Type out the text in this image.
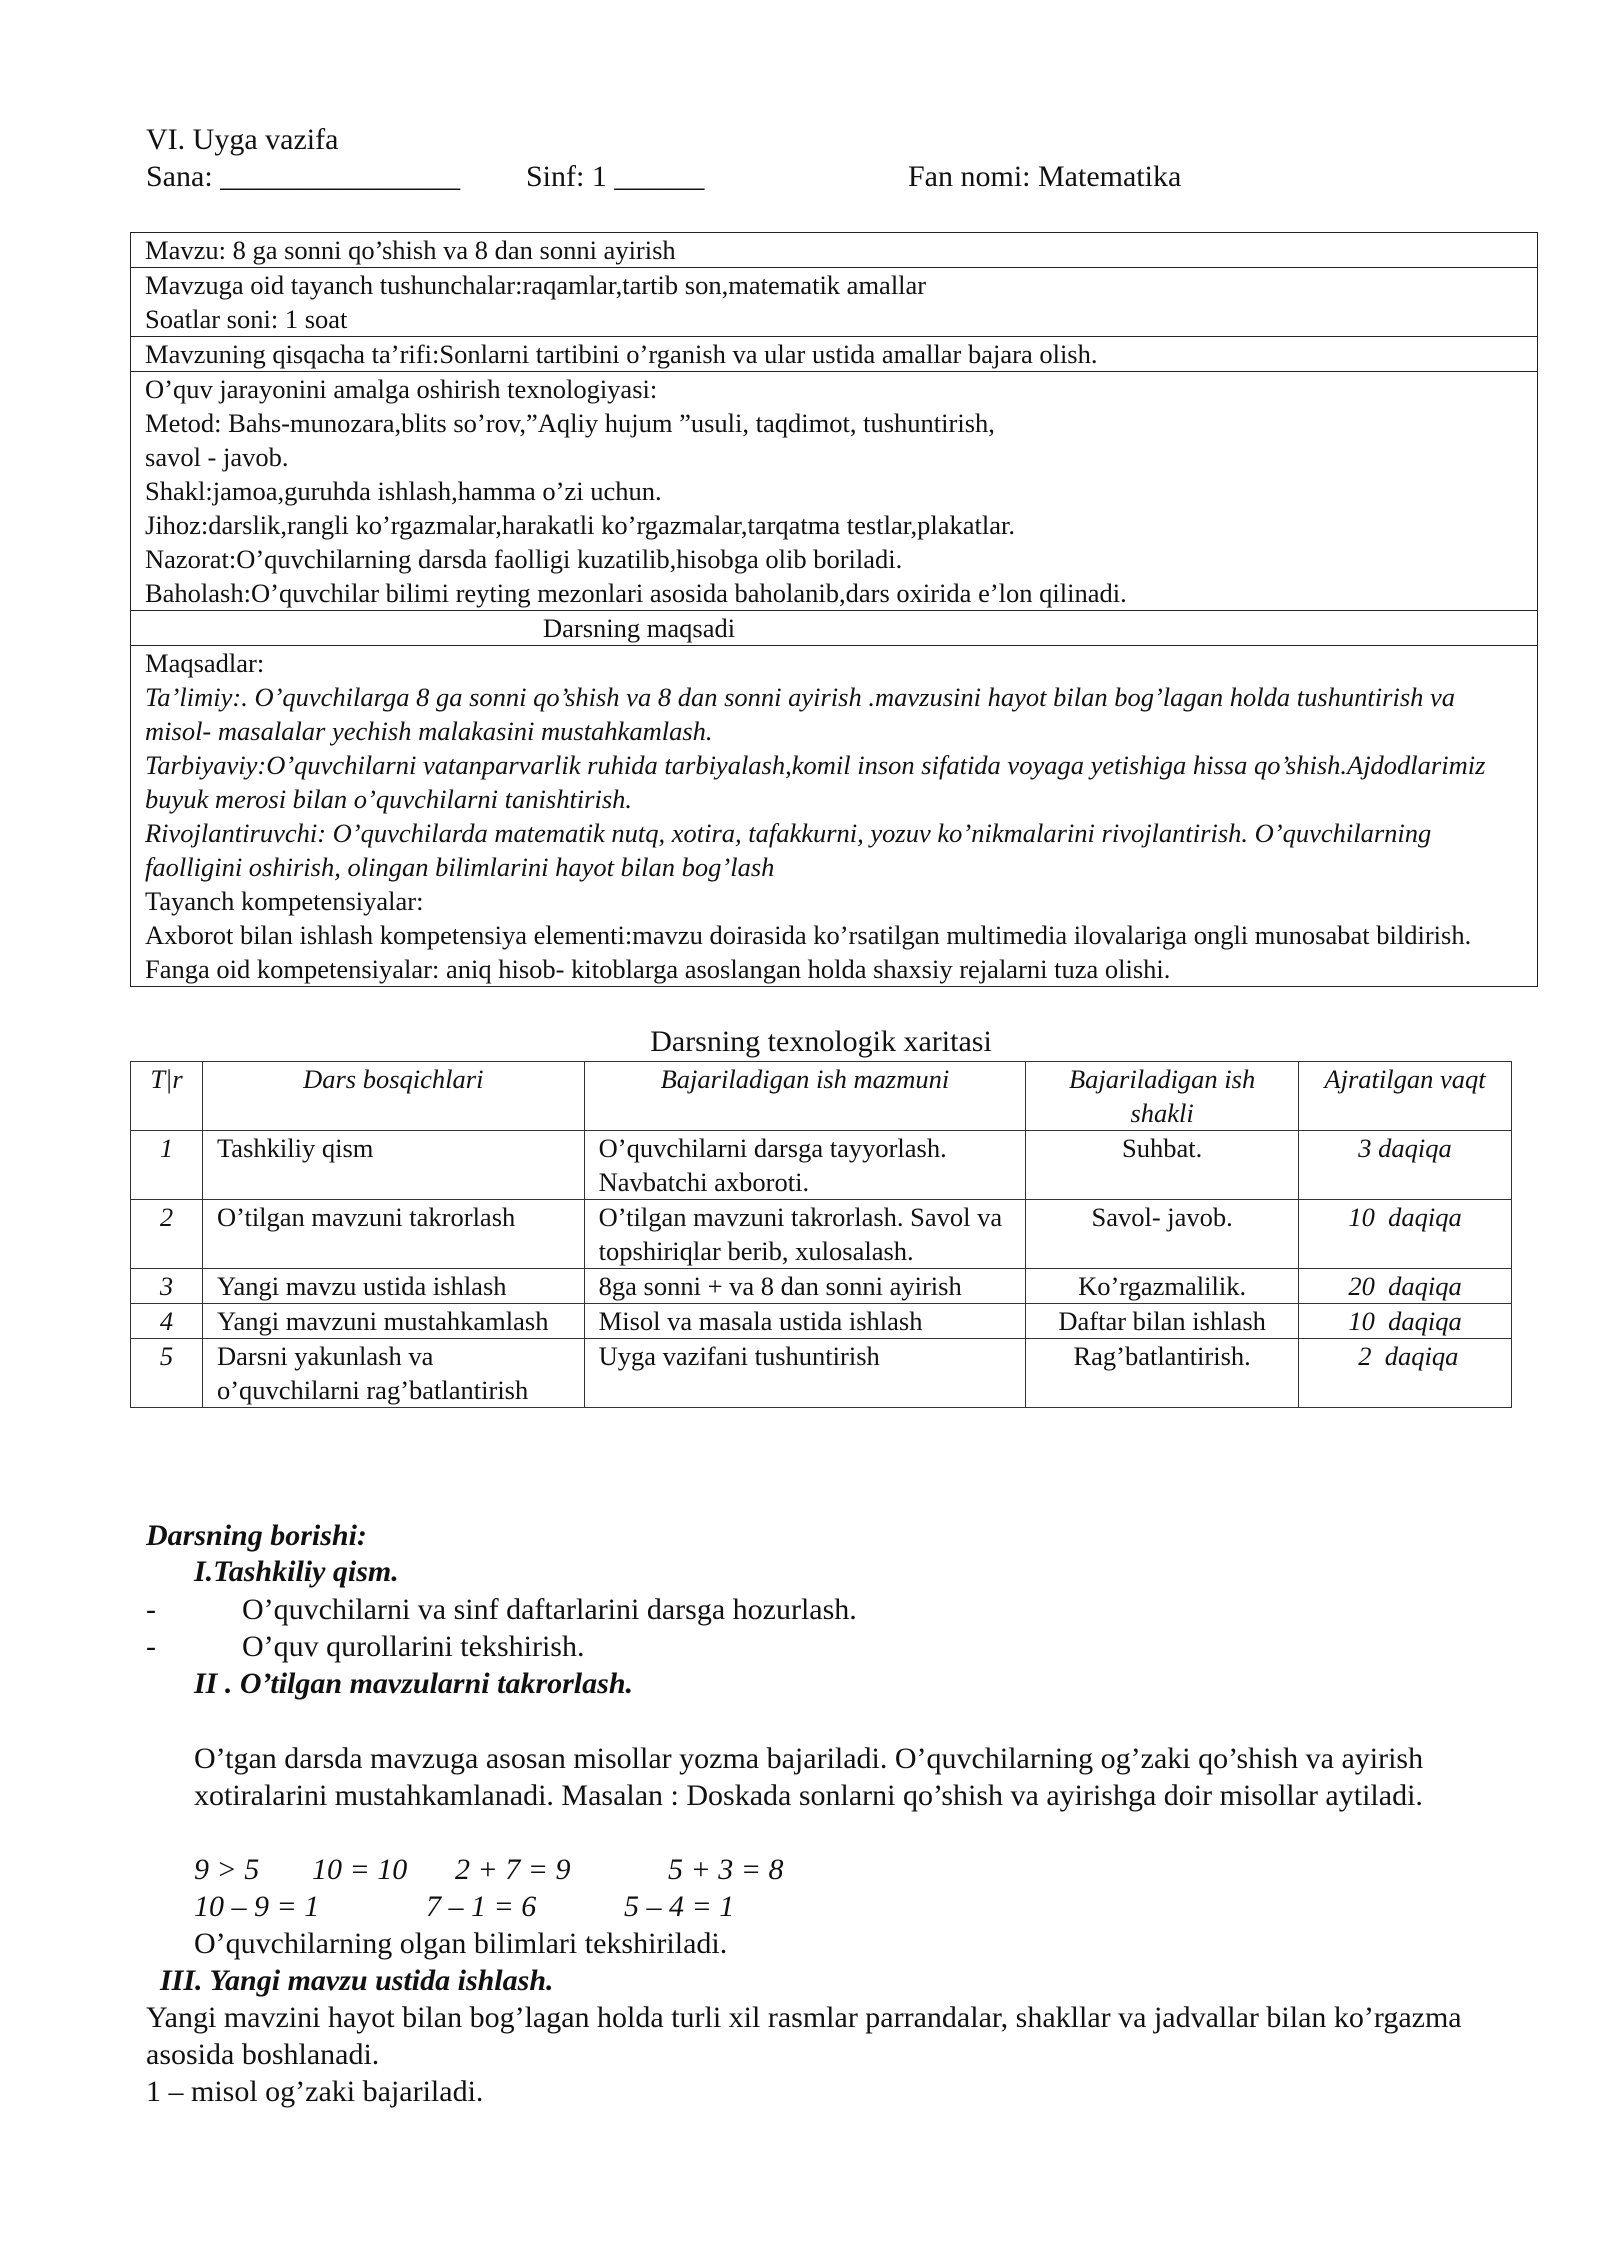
VI. Uyga vazifa
Sana: ________________ Sinf: 1 ______	Fan nomi: Matematika
Mavzu: 8 ga sonni qo’shish va 8 dan sonni ayirish
Mavzuga oid tayanch tushunchalar:raqamlar,tartib son,matematik amallar
Soatlar soni: 1 soat
Mavzuning qisqacha ta’rifi:Sonlarni tartibini o’rganish va ular ustida amallar bajara olish.
O’quv jarayonini amalga oshirish texnologiyasi:
Metod: Bahs-munozara,blits so’rov,”Aqliy hujum ”usuli, taqdimot, tushuntirish,
savol - javob.
Shakl:jamoa,guruhda ishlash,hamma o’zi uchun.
Jihoz:darslik,rangli ko’rgazmalar,harakatli ko’rgazmalar,tarqatma testlar,plakatlar.
Nazorat:O’quvchilarning darsda faolligi kuzatilib,hisobga olib boriladi.
Baholash:O’quvchilar bilimi reyting mezonlari asosida baholanib,dars oxirida e’lon qilinadi.
Darsning maqsadi
Maqsadlar:
Ta’limiy:. O’quvchilarga 8 ga sonni qo’shish va 8 dan sonni ayirish .mavzusini hayot bilan bog’lagan holda tushuntirish va misol- masalalar yechish malakasini mustahkamlash.
Tarbiyaviy:O’quvchilarni vatanparvarlik ruhida tarbiyalash,komil inson sifatida voyaga yetishiga hissa qo’shish.Ajdodlarimiz buyuk merosi bilan o’quvchilarni tanishtirish.
Rivojlantiruvchi: O’quvchilarda matematik nutq, xotira, tafakkurni, yozuv ko’nikmalarini rivojlantirish. O’quvchilarning faolligini oshirish, olingan bilimlarini hayot bilan bog’lash
Tayanch kompetensiyalar:
Axborot bilan ishlash kompetensiya elementi:mavzu doirasida ko’rsatilgan multimedia ilovalariga ongli munosabat bildirish.
Fanga oid kompetensiyalar: aniq hisob- kitoblarga asoslangan holda shaxsiy rejalarni tuza olishi.
Darsning texnologik xaritasi
T|r	Dars bosqichlari	Bajariladigan ish mazmuni	Bajariladigan ish shakli	Ajratilgan vaqt
1	Tashkiliy qism	O’quvchilarni darsga tayyorlash. Navbatchi axboroti.	Suhbat.	3 daqiqa
2	O’tilgan mavzuni takrorlash	O’tilgan mavzuni takrorlash. Savol va topshiriqlar berib, xulosalash.	Savol- javob.	10  daqiqa
3	Yangi mavzu ustida ishlash	8ga sonni + va 8 dan sonni ayirish	Ko’rgazmalilik.	20  daqiqa
4	Yangi mavzuni mustahkamlash	Misol va masala ustida ishlash	Daftar bilan ishlash	10  daqiqa
5	Darsni yakunlash va o’quvchilarni rag’batlantirish	Uyga vazifani tushuntirish	Rag’batlantirish.	2  daqiqa
Darsning borishi:
I.Tashkiliy qism.
-	O’quvchilarni va sinf daftarlarini darsga hozurlash.
-	O’quv qurollarini tekshirish.
II . O’tilgan mavzularni takrorlash.
O’tgan darsda mavzuga asosan misollar yozma bajariladi. O’quvchilarning og’zaki qo’shish va ayirish xotiralarini mustahkamlanadi. Masalan : Doskada sonlarni qo’shish va ayirishga doir misollar aytiladi.
9 > 5 10 = 10 2 + 7 = 9	5 + 3 = 8
10 – 9 = 1	7 – 1 = 6	5 – 4 = 1
O’quvchilarning olgan bilimlari tekshiriladi.
III. Yangi mavzu ustida ishlash.
Yangi mavzini hayot bilan bog’lagan holda turli xil rasmlar parrandalar, shakllar va jadvallar bilan ko’rgazma asosida boshlanadi.
1 – misol og’zaki bajariladi.
